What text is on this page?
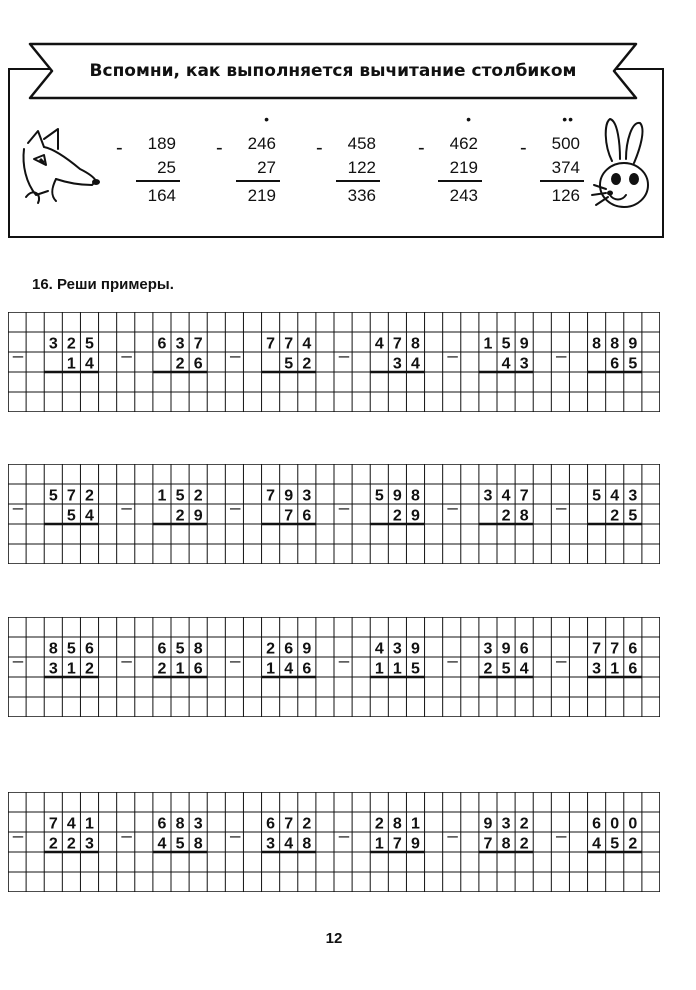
Вспомни, как выполняется вычитание столбиком
- 189
25
164
•
- 246
27
219
- 458
122
336
•
- 462
219
243
••
- 500
374
126
16. Реши примеры.
_ 3 2 5
1 4
_ 6 3 7
2 6
_ 7 7 4
5 2
_ 4 7 8
3 4
_ 1 5 9
4 3
_ 8 8 9
6 5
_ 5 7 2
5 4
_ 1 5 2
2 9
_ 7 9 3
7 6
_ 5 9 8
2 9
_ 3 4 7
2 8
_ 5 4 3
2 5
_ 8 5 6
3 1 2
_ 6 5 8
2 1 6
_ 2 6 9
1 4 6
_ 4 3 9
1 1 5
_ 3 9 6
2 5 4
_ 7 7 6
3 1 6
_ 7 4 1
2 2 3
_ 6 8 3
4 5 8
_ 6 7 2
3 4 8
_ 2 8 1
1 7 9
_ 9 3 2
7 8 2
_ 6 0 0
4 5 2
12
